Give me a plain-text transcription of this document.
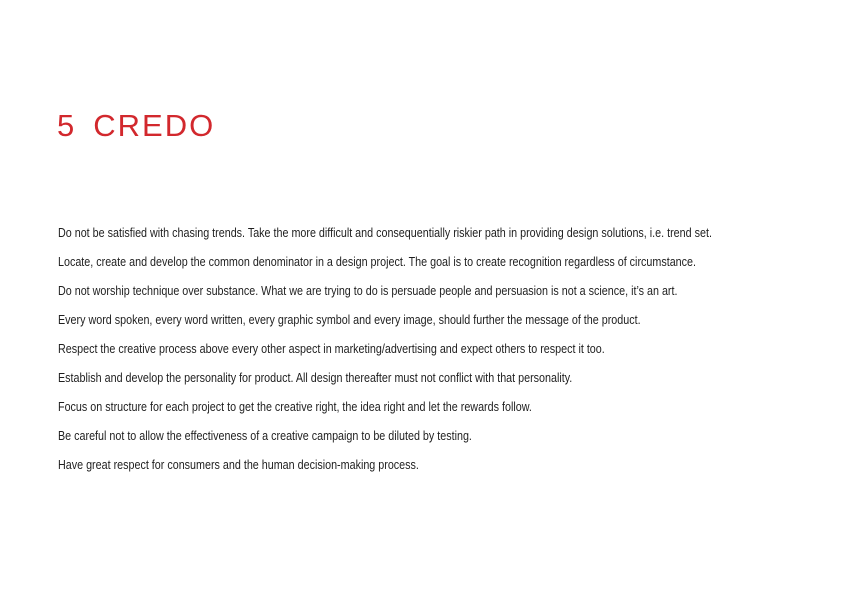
5 CREDO

Do not be satisfied with chasing trends. Take the more difficult and consequentially riskier path in providing design solutions, i.e. trend set.

Locate, create and develop the common denominator in a design project. The goal is to create recognition regardless of circumstance.

Do not worship technique over substance. What we are trying to do is persuade people and persuasion is not a science, it’s an art.

Every word spoken, every word written, every graphic symbol and every image, should further the message of the product.

Respect the creative process above every other aspect in marketing/advertising and expect others to respect it too.

Establish and develop the personality for product. All design thereafter must not conflict with that personality.

Focus on structure for each project to get the creative right, the idea right and let the rewards follow.

Be careful not to allow the effectiveness of a creative campaign to be diluted by testing.

Have great respect for consumers and the human decision-making process.
